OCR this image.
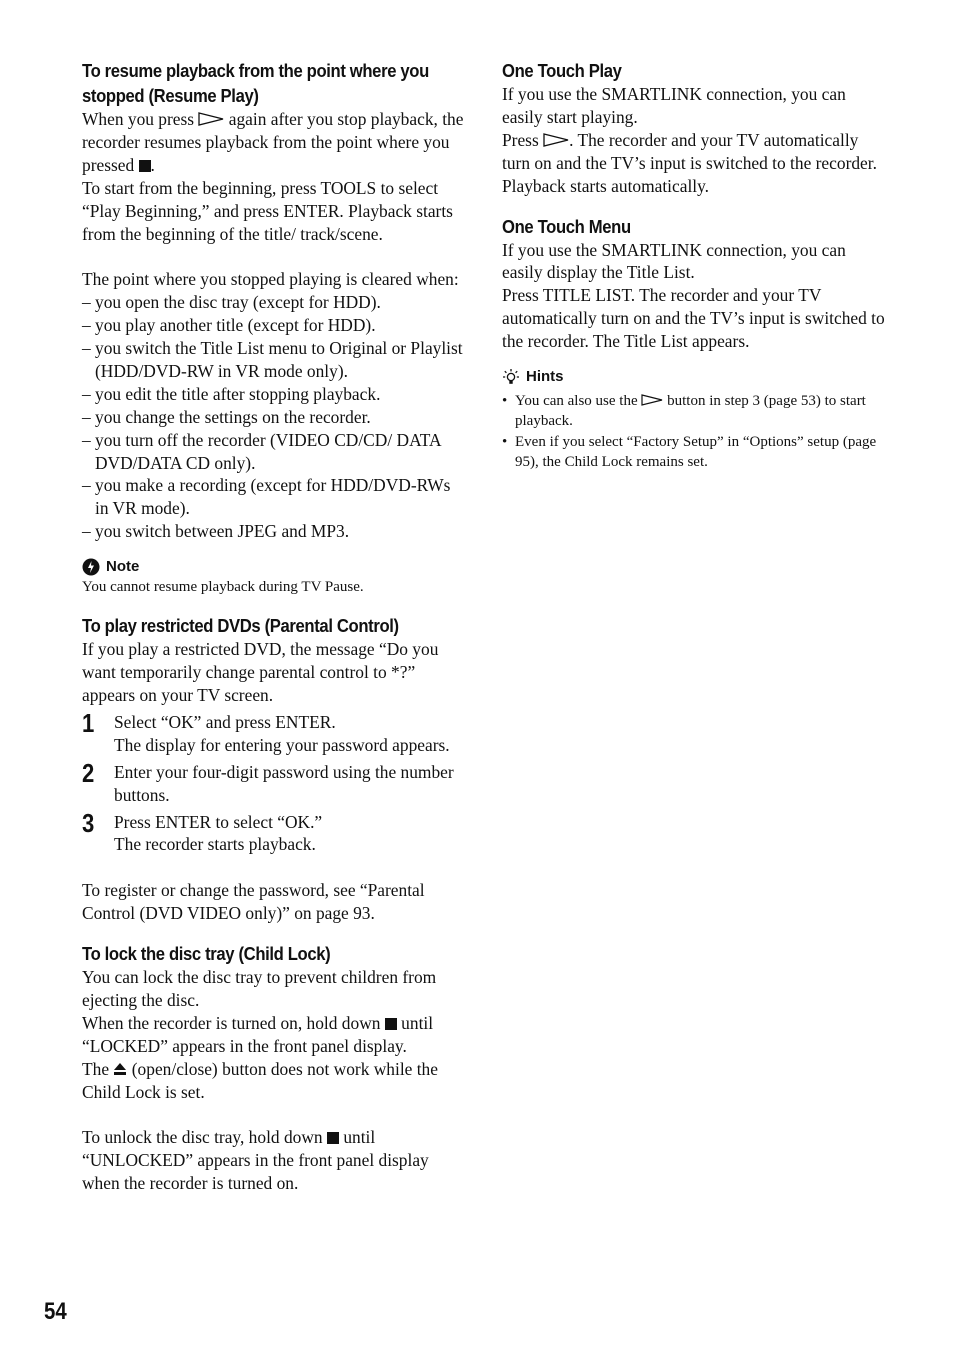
To resume playback from the point where you stopped (Resume Play)

When you press again after you stop playback, the recorder resumes playback from the point where you pressed .

To start from the beginning, press TOOLS to select “Play Beginning,” and press ENTER. Playback starts from the beginning of the title/ track/scene.

The point where you stopped playing is cleared when:

– you open the disc tray (except for HDD).
– you play another title (except for HDD).
– you switch the Title List menu to Original or Playlist (HDD/DVD-RW in VR mode only).
– you edit the title after stopping playback.
– you change the settings on the recorder.
– you turn off the recorder (VIDEO CD/CD/ DATA DVD/DATA CD only).
– you make a recording (except for HDD/DVD-RWs in VR mode).
– you switch between JPEG and MP3.
Note

You cannot resume playback during TV Pause.

To play restricted DVDs (Parental Control)

If you play a restricted DVD, the message “Do you want temporarily change parental control to *?” appears on your TV screen.

1	Select “OK” and press ENTER.

The display for entering your password appears.

2	Enter your four-digit password using the number buttons.

3	Press ENTER to select “OK.”

The recorder starts playback.

To register or change the password, see “Parental Control (DVD VIDEO only)” on page 93.

To lock the disc tray (Child Lock)

You can lock the disc tray to prevent children from ejecting the disc.

When the recorder is turned on, hold down until “LOCKED” appears in the front panel display.

The (open/close) button does not work while the Child Lock is set.

To unlock the disc tray, hold down until “UNLOCKED” appears in the front panel display when the recorder is turned on.

One Touch Play

If you use the SMARTLINK connection, you can easily start playing.

Press . The recorder and your TV automatically turn on and the TV’s input is switched to the recorder. Playback starts automatically.

One Touch Menu

If you use the SMARTLINK connection, you can easily display the Title List.

Press TITLE LIST. The recorder and your TV automatically turn on and the TV’s input is switched to the recorder. The Title List appears.

Hints
• You can also use the button in step 3 (page 53) to start playback.
• Even if you select “Factory Setup” in “Options” setup (page 95), the Child Lock remains set.
54
